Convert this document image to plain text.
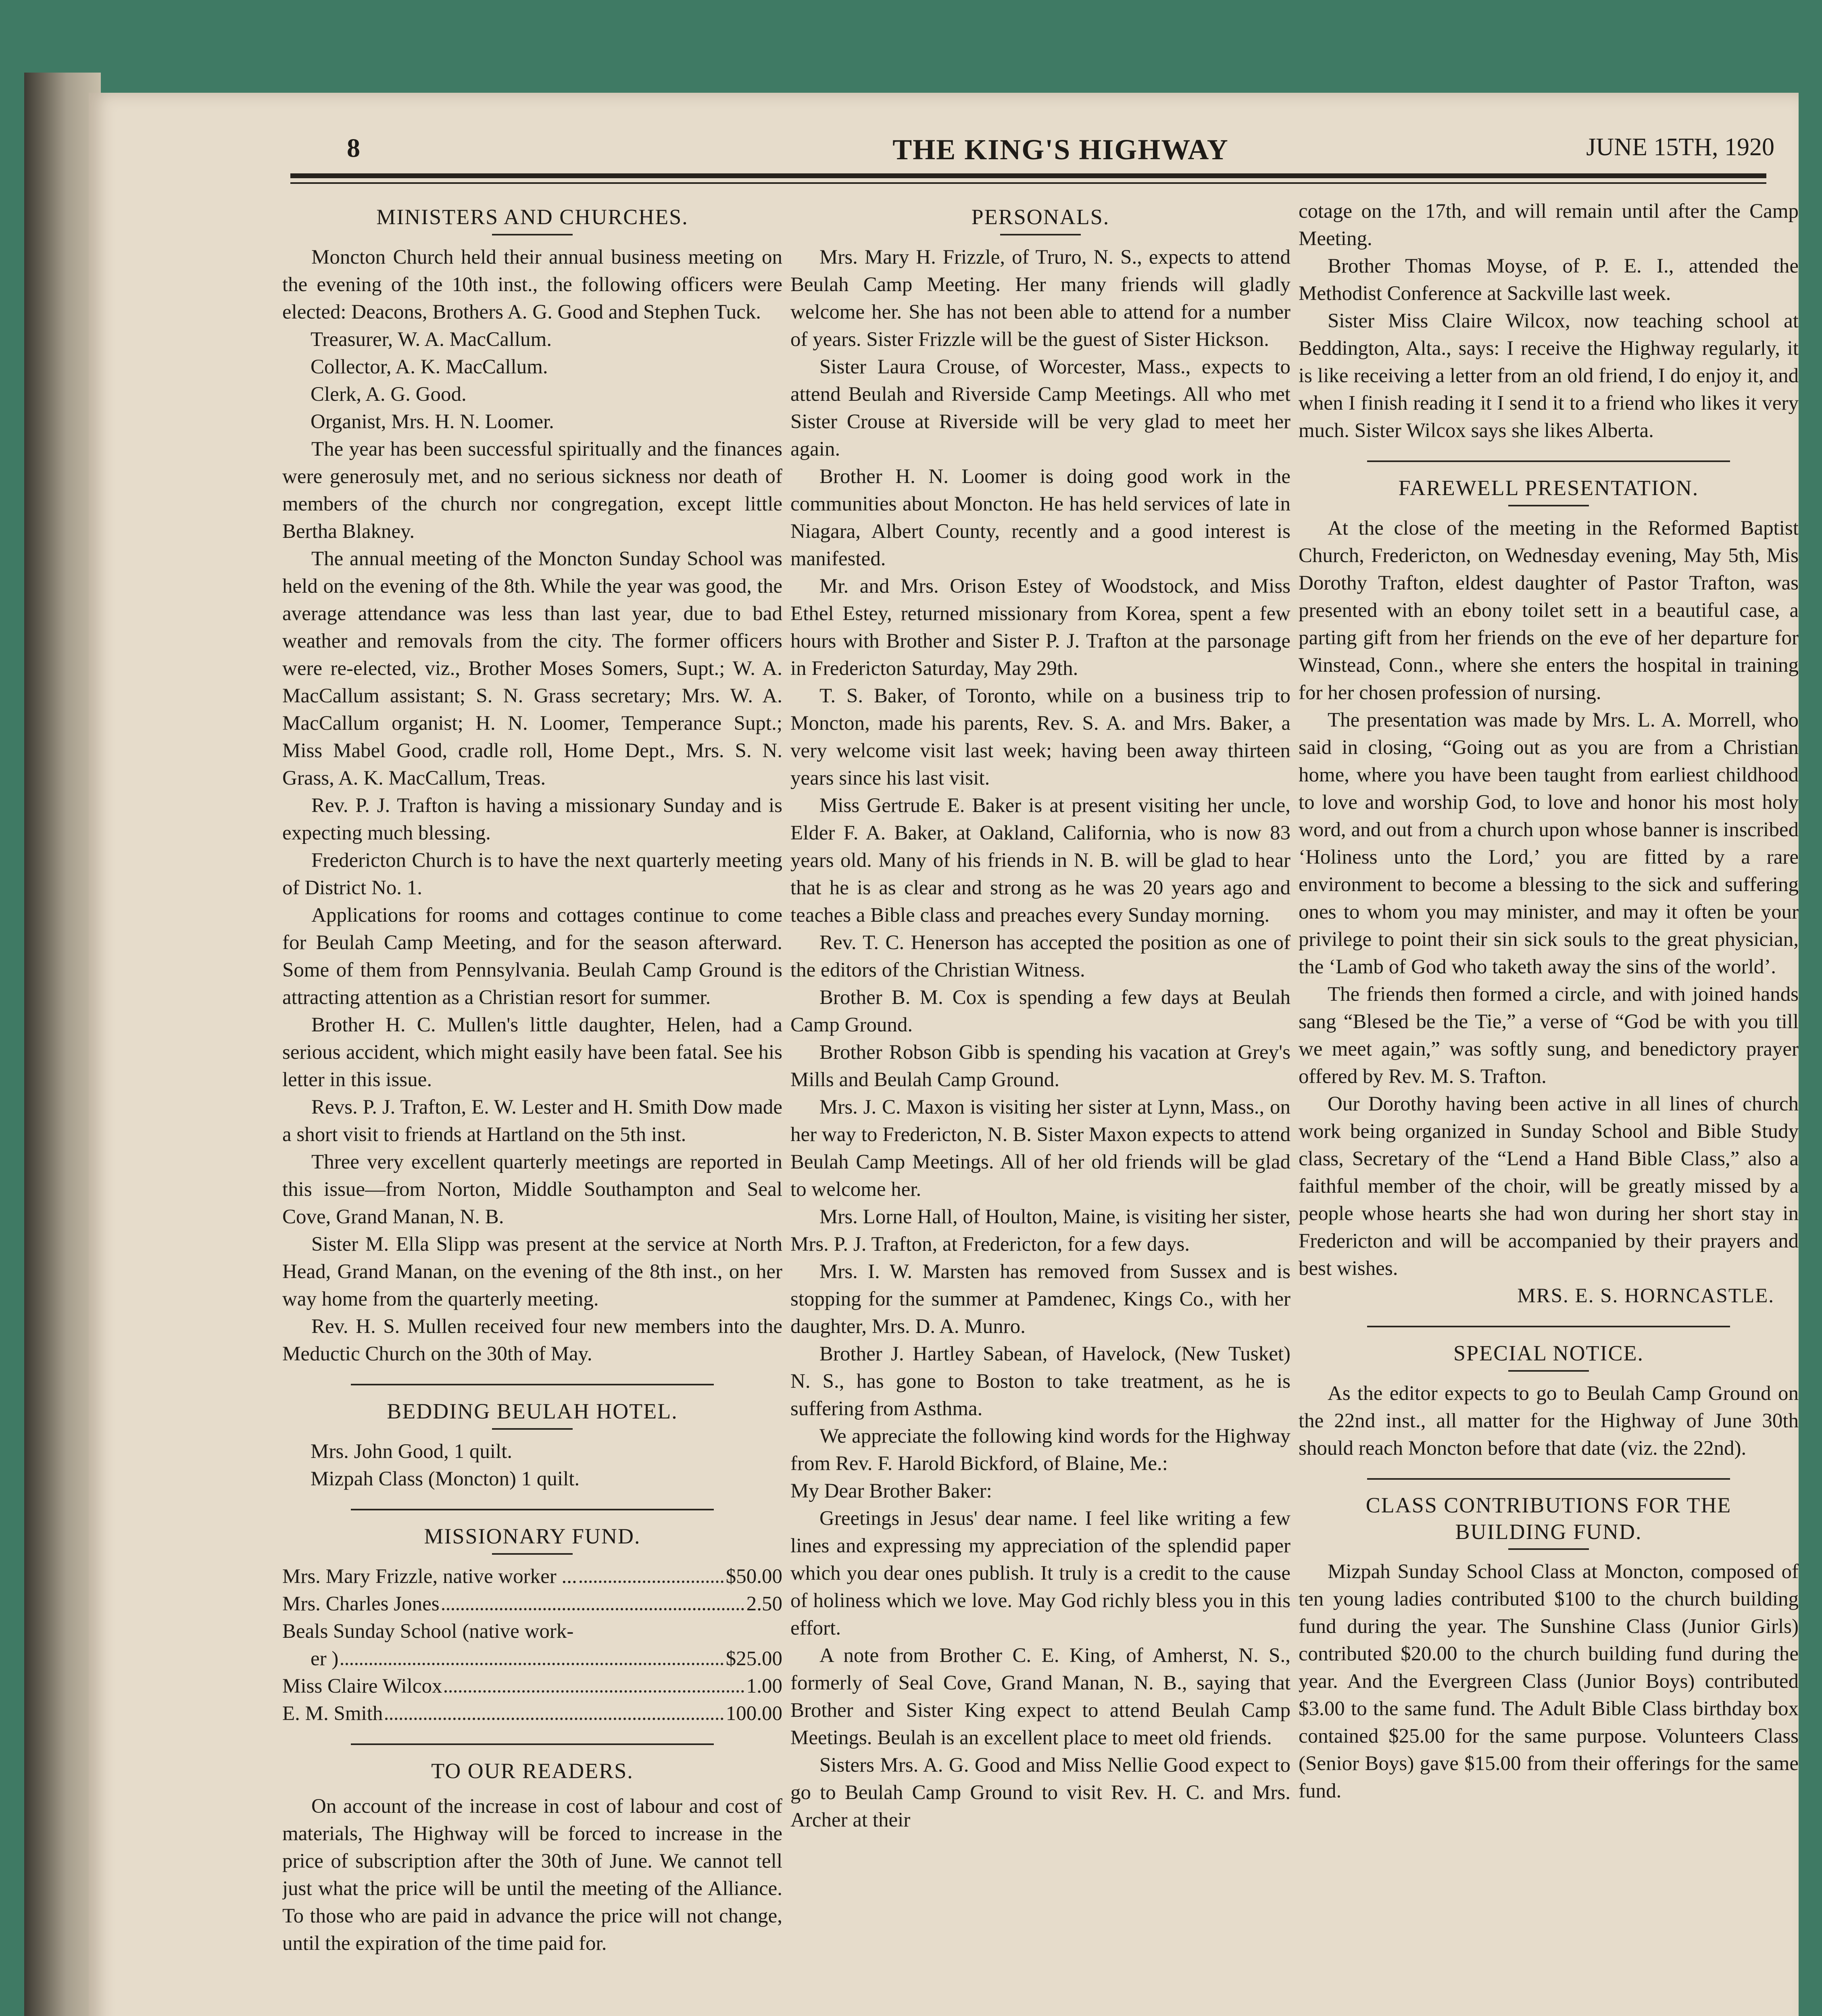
8	THE KING'S HIGHWAY	JUNE 15TH, 1920
MINISTERS AND CHURCHES.

Moncton Church held their annual business meeting on the evening of the 10th inst., the following officers were elected: Deacons, Brothers A. G. Good and Stephen Tuck.

Treasurer, W. A. MacCallum.
Collector, A. K. MacCallum.
Clerk, A. G. Good.
Organist, Mrs. H. N. Loomer.

The year has been successful spiritually and the finances were generosuly met, and no serious sickness nor death of members of the church nor congregation, except little Bertha Blakney.

The annual meeting of the Moncton Sunday School was held on the evening of the 8th. While the year was good, the average attendance was less than last year, due to bad weather and removals from the city. The former officers were re-elected, viz., Brother Moses Somers, Supt.; W. A. MacCallum assistant; S. N. Grass secretary; Mrs. W. A. MacCallum organist; H. N. Loomer, Temperance Supt.; Miss Mabel Good, cradle roll, Home Dept., Mrs. S. N. Grass, A. K. MacCallum, Treas.

Rev. P. J. Trafton is having a missionary Sunday and is expecting much blessing.

Fredericton Church is to have the next quarterly meeting of District No. 1.

Applications for rooms and cottages continue to come for Beulah Camp Meeting, and for the season afterward. Some of them from Pennsylvania. Beulah Camp Ground is attracting attention as a Christian resort for summer.

Brother H. C. Mullen's little daughter, Helen, had a serious accident, which might easily have been fatal. See his letter in this issue.

Revs. P. J. Trafton, E. W. Lester and H. Smith Dow made a short visit to friends at Hartland on the 5th inst.

Three very excellent quarterly meetings are reported in this issue—from Norton, Middle Southampton and Seal Cove, Grand Manan, N. B.

Sister M. Ella Slipp was present at the service at North Head, Grand Manan, on the evening of the 8th inst., on her way home from the quarterly meeting.

Rev. H. S. Mullen received four new members into the Meductic Church on the 30th of May.

BEDDING BEULAH HOTEL.
Mrs. John Good, 1 quilt.
Mizpah Class (Moncton) 1 quilt.
MISSIONARY FUND.
Mrs. Mary Frizzle, native worker ...	$50.00
Mrs. Charles Jones	2.50
Beals Sunday School (native work-
er )	$25.00
Miss Claire Wilcox	1.00
E. M. Smith	100.00
TO OUR READERS.

On account of the increase in cost of labour and cost of materials, The Highway will be forced to increase in the price of subscription after the 30th of June. We cannot tell just what the price will be until the meeting of the Alliance. To those who are paid in advance the price will not change, until the expiration of the time paid for.

PERSONALS.

Mrs. Mary H. Frizzle, of Truro, N. S., expects to attend Beulah Camp Meeting. Her many friends will gladly welcome her. She has not been able to attend for a number of years. Sister Frizzle will be the guest of Sister Hickson.

Sister Laura Crouse, of Worcester, Mass., expects to attend Beulah and Riverside Camp Meetings. All who met Sister Crouse at Riverside will be very glad to meet her again.

Brother H. N. Loomer is doing good work in the communities about Moncton. He has held services of late in Niagara, Albert County, recently and a good interest is manifested.

Mr. and Mrs. Orison Estey of Woodstock, and Miss Ethel Estey, returned missionary from Korea, spent a few hours with Brother and Sister P. J. Trafton at the parsonage in Fredericton Saturday, May 29th.

T. S. Baker, of Toronto, while on a business trip to Moncton, made his parents, Rev. S. A. and Mrs. Baker, a very welcome visit last week; having been away thirteen years since his last visit.

Miss Gertrude E. Baker is at present visiting her uncle, Elder F. A. Baker, at Oakland, California, who is now 83 years old. Many of his friends in N. B. will be glad to hear that he is as clear and strong as he was 20 years ago and teaches a Bible class and preaches every Sunday morning.

Rev. T. C. Henerson has accepted the position as one of the editors of the Christian Witness.

Brother B. M. Cox is spending a few days at Beulah Camp Ground.

Brother Robson Gibb is spending his vacation at Grey's Mills and Beulah Camp Ground.

Mrs. J. C. Maxon is visiting her sister at Lynn, Mass., on her way to Fredericton, N. B. Sister Maxon expects to attend Beulah Camp Meetings. All of her old friends will be glad to welcome her.

Mrs. Lorne Hall, of Houlton, Maine, is visiting her sister, Mrs. P. J. Trafton, at Fredericton, for a few days.

Mrs. I. W. Marsten has removed from Sussex and is stopping for the summer at Pamdenec, Kings Co., with her daughter, Mrs. D. A. Munro.

Brother J. Hartley Sabean, of Havelock, (New Tusket) N. S., has gone to Boston to take treatment, as he is suffering from Asthma.

We appreciate the following kind words for the Highway from Rev. F. Harold Bickford, of Blaine, Me.:

My Dear Brother Baker:

Greetings in Jesus' dear name. I feel like writing a few lines and expressing my appreciation of the splendid paper which you dear ones publish. It truly is a credit to the cause of holiness which we love. May God richly bless you in this effort.

A note from Brother C. E. King, of Amherst, N. S., formerly of Seal Cove, Grand Manan, N. B., saying that Brother and Sister King expect to attend Beulah Camp Meetings. Beulah is an excellent place to meet old friends.

Sisters Mrs. A. G. Good and Miss Nellie Good expect to go to Beulah Camp Ground to visit Rev. H. C. and Mrs. Archer at their

cotage on the 17th, and will remain until after the Camp Meeting.

Brother Thomas Moyse, of P. E. I., attended the Methodist Conference at Sackville last week.

Sister Miss Claire Wilcox, now teaching school at Beddington, Alta., says: I receive the Highway regularly, it is like receiving a letter from an old friend, I do enjoy it, and when I finish reading it I send it to a friend who likes it very much. Sister Wilcox says she likes Alberta.

FAREWELL PRESENTATION.

At the close of the meeting in the Reformed Baptist Church, Fredericton, on Wednesday evening, May 5th, Mis Dorothy Trafton, eldest daughter of Pastor Trafton, was presented with an ebony toilet sett in a beautiful case, a parting gift from her friends on the eve of her departure for Winstead, Conn., where she enters the hospital in training for her chosen profession of nursing.

The presentation was made by Mrs. L. A. Morrell, who said in closing, “Going out as you are from a Christian home, where you have been taught from earliest childhood to love and worship God, to love and honor his most holy word, and out from a church upon whose banner is inscribed ‘Holiness unto the Lord,’ you are fitted by a rare environment to become a blessing to the sick and suffering ones to whom you may minister, and may it often be your privilege to point their sin sick souls to the great physician, the ‘Lamb of God who taketh away the sins of the world’.

The friends then formed a circle, and with joined hands sang “Blesed be the Tie,” a verse of “God be with you till we meet again,” was softly sung, and benedictory prayer offered by Rev. M. S. Trafton.

Our Dorothy having been active in all lines of church work being organized in Sunday School and Bible Study class, Secretary of the “Lend a Hand Bible Class,” also a faithful member of the choir, will be greatly missed by a people whose hearts she had won during her short stay in Fredericton and will be accompanied by their prayers and best wishes.

MRS. E. S. HORNCASTLE.
SPECIAL NOTICE.

As the editor expects to go to Beulah Camp Ground on the 22nd inst., all matter for the Highway of June 30th should reach Moncton before that date (viz. the 22nd).

CLASS CONTRIBUTIONS FOR THE
BUILDING FUND.

Mizpah Sunday School Class at Moncton, composed of ten young ladies contributed $100 to the church building fund during the year. The Sunshine Class (Junior Girls) contributed $20.00 to the church building fund during the year. And the Evergreen Class (Junior Boys) contributed $3.00 to the same fund. The Adult Bible Class birthday box contained $25.00 for the same purpose. Volunteers Class (Senior Boys) gave $15.00 from their offerings for the same fund.
